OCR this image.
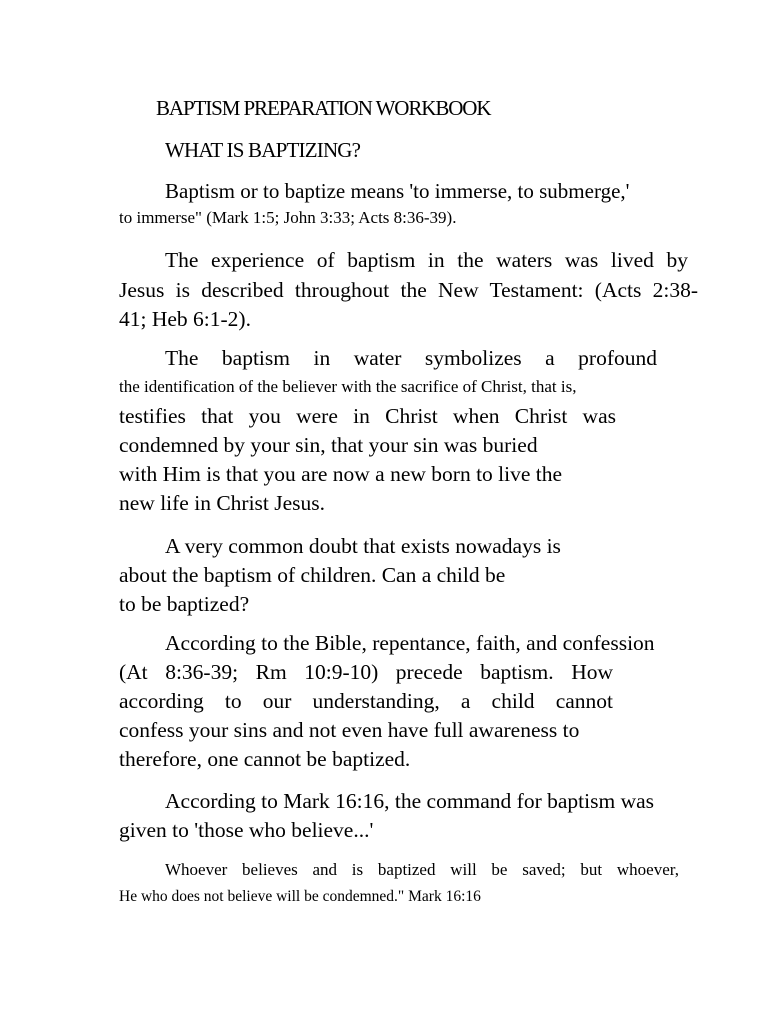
BAPTISM PREPARATION WORKBOOK
WHAT IS BAPTIZING?
Baptism or to baptize means 'to immerse, to submerge,'
to immerse" (Mark 1:5; John 3:33; Acts 8:36-39).
The experience of baptism in the waters was lived by
Jesus is described throughout the New Testament: (Acts 2:38-
41; Heb 6:1-2).
The baptism in water symbolizes a profound
the identification of the believer with the sacrifice of Christ, that is,
testifies that you were in Christ when Christ was
condemned by your sin, that your sin was buried
with Him is that you are now a new born to live the
new life in Christ Jesus.
A very common doubt that exists nowadays is
about the baptism of children. Can a child be
to be baptized?
According to the Bible, repentance, faith, and confession
(At 8:36-39; Rm 10:9-10) precede baptism. How
according to our understanding, a child cannot
confess your sins and not even have full awareness to
therefore, one cannot be baptized.
According to Mark 16:16, the command for baptism was
given to 'those who believe...'
Whoever believes and is baptized will be saved; but whoever,
He who does not believe will be condemned." Mark 16:16
